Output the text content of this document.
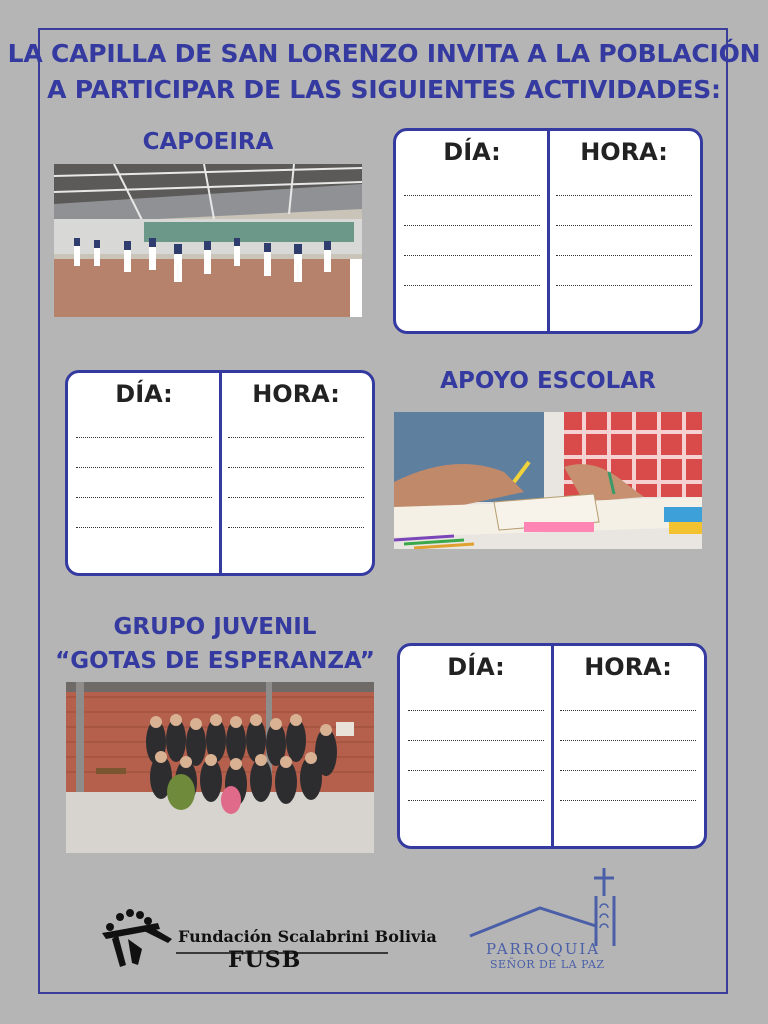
LA CAPILLA DE SAN LORENZO INVITA A LA POBLACIÓN
A PARTICIPAR DE LAS SIGUIENTES ACTIVIDADES:
CAPOEIRA	DÍA:	HORA:
DÍA:	HORA:	APOYO ESCOLAR
GRUPO JUVENIL
“GOTAS DE ESPERANZA”	DÍA:	HORA:
Fundación Scalabrini Bolivia
FUSB	PARROQUIA
SEÑOR DE LA PAZ
